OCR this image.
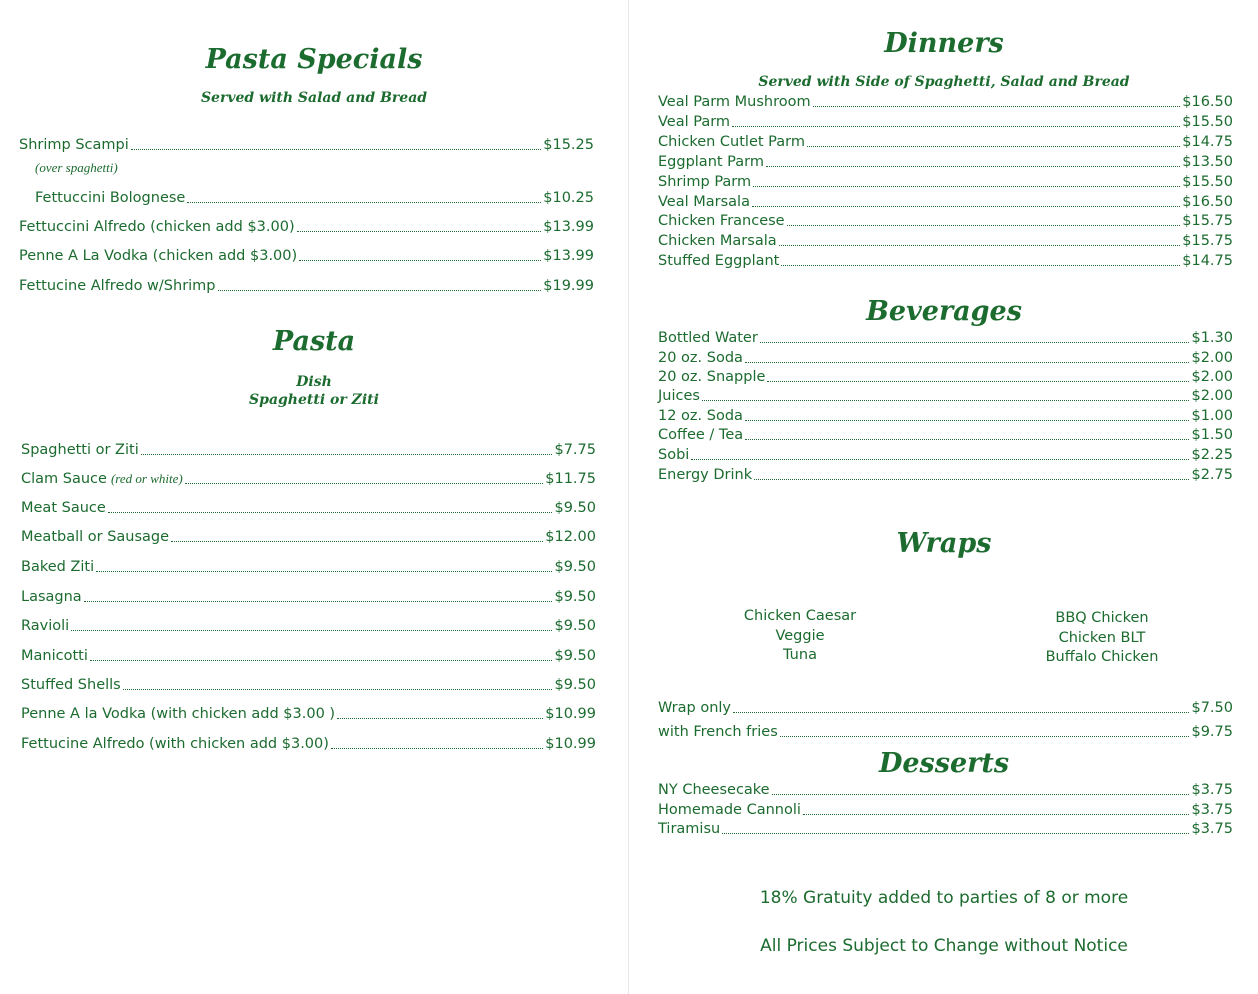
Pasta Specials
Served with Salad and Bread
Shrimp Scampi	$15.25
Fettuccini Bolognese	$10.25
Fettuccini Alfredo (chicken add $3.00)	$13.99
Penne A La Vodka (chicken add $3.00)	$13.99
Fettucine Alfredo w/Shrimp	$19.99
(over spaghetti)
Pasta
Dish
Spaghetti or Ziti
Spaghetti or Ziti	$7.75
Clam Sauce (red or white)	$11.75
Meat Sauce	$9.50
Meatball or Sausage	$12.00
Baked Ziti	$9.50
Lasagna	$9.50
Ravioli	$9.50
Manicotti	$9.50
Stuffed Shells	$9.50
Penne A la Vodka (with chicken add $3.00 )	$10.99
Fettucine Alfredo (with chicken add $3.00)	$10.99
Dinners
Served with Side of Spaghetti, Salad and Bread
Veal Parm Mushroom	$16.50
Veal Parm	$15.50
Chicken Cutlet Parm	$14.75
Eggplant Parm	$13.50
Shrimp Parm	$15.50
Veal Marsala	$16.50
Chicken Francese	$15.75
Chicken Marsala	$15.75
Stuffed Eggplant	$14.75
Beverages
Bottled Water	$1.30
20 oz. Soda	$2.00
20 oz. Snapple	$2.00
Juices	$2.00
12 oz. Soda	$1.00
Coffee / Tea	$1.50
Sobi	$2.25
Energy Drink	$2.75
Wraps
Chicken Caesar
Veggie
Tuna
BBQ Chicken
Chicken BLT
Buffalo Chicken
Wrap only	$7.50
with French fries	$9.75
Desserts
NY Cheesecake	$3.75
Homemade Cannoli	$3.75
Tiramisu	$3.75
18% Gratuity added to parties of 8 or more
All Prices Subject to Change without Notice
